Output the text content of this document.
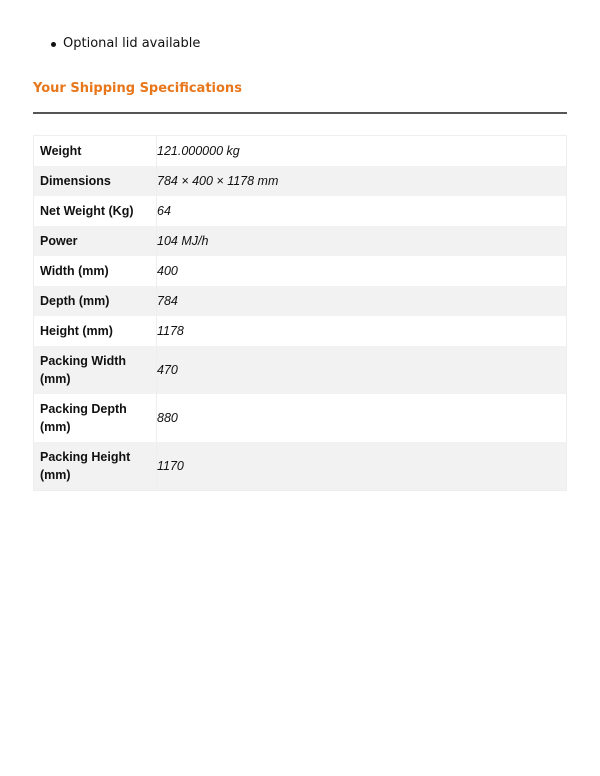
Optional lid available
Your Shipping Specifications
Weight	121.000000 kg
Dimensions	784 × 400 × 1178 mm
Net Weight (Kg)	64
Power	104 MJ/h
Width (mm)	400
Depth (mm)	784
Height (mm)	1178
Packing Width (mm)	470
Packing Depth (mm)	880
Packing Height (mm)	1170
